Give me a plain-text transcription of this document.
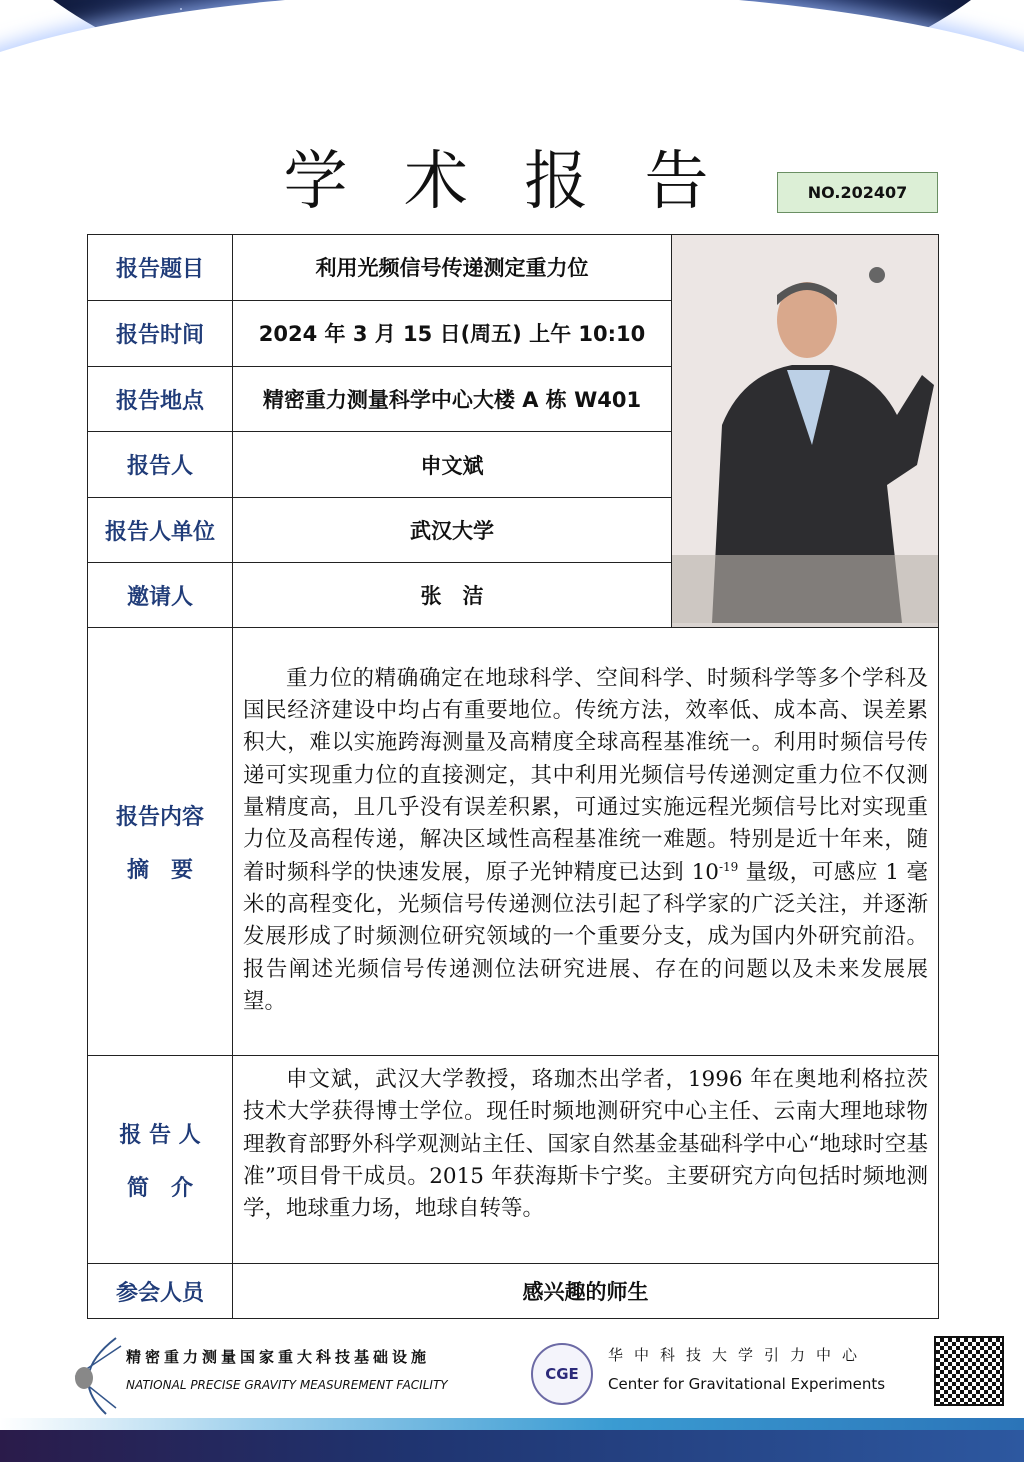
学 术 报 告	NO.202407
报告题目	利用光频信号传递测定重力位	
报告时间	2024 年 3 月 15 日(周五) 上午 10:10	
报告地点	精密重力测量科学中心大楼 A 栋 W401	
报告人	申文斌	
报告人单位	武汉大学	
邀请人	张　洁	

报告内容
摘　要	重力位的精确确定在地球科学、空间科学、时频科学等多个学科及国民经济建设中均占有重要地位。传统方法，效率低、成本高、误差累积大，难以实施跨海测量及高精度全球高程基准统一。利用时频信号传递可实现重力位的直接测定，其中利用光频信号传递测定重力位不仅测量精度高，且几乎没有误差积累，可通过实施远程光频信号比对实现重力位及高程传递，解决区域性高程基准统一难题。特别是近十年来，随着时频科学的快速发展，原子光钟精度已达到 $10^{-19}$ 量级，可感应 1 毫米的高程变化，光频信号传递测位法引起了科学家的广泛关注，并逐渐发展形成了时频测位研究领域的一个重要分支，成为国内外研究前沿。报告阐述光频信号传递测位法研究进展、存在的问题以及未来发展展望。	

报 告 人
简　介	申文斌，武汉大学教授，珞珈杰出学者，1996 年在奥地利格拉茨技术大学获得博士学位。现任时频地测研究中心主任、云南大理地球物理教育部野外科学观测站主任、国家自然基金基础科学中心“地球时空基准”项目骨干成员。2015 年获海斯卡宁奖。主要研究方向包括时频地测学，地球重力场，地球自转等。	

参会人员	感兴趣的师生	
精密重力测量国家重大科技基础设施
NATIONAL PRECISE GRAVITY MEASUREMENT FACILITY
CGE
华中科技大学引力中心
Center for Gravitational Experiments
